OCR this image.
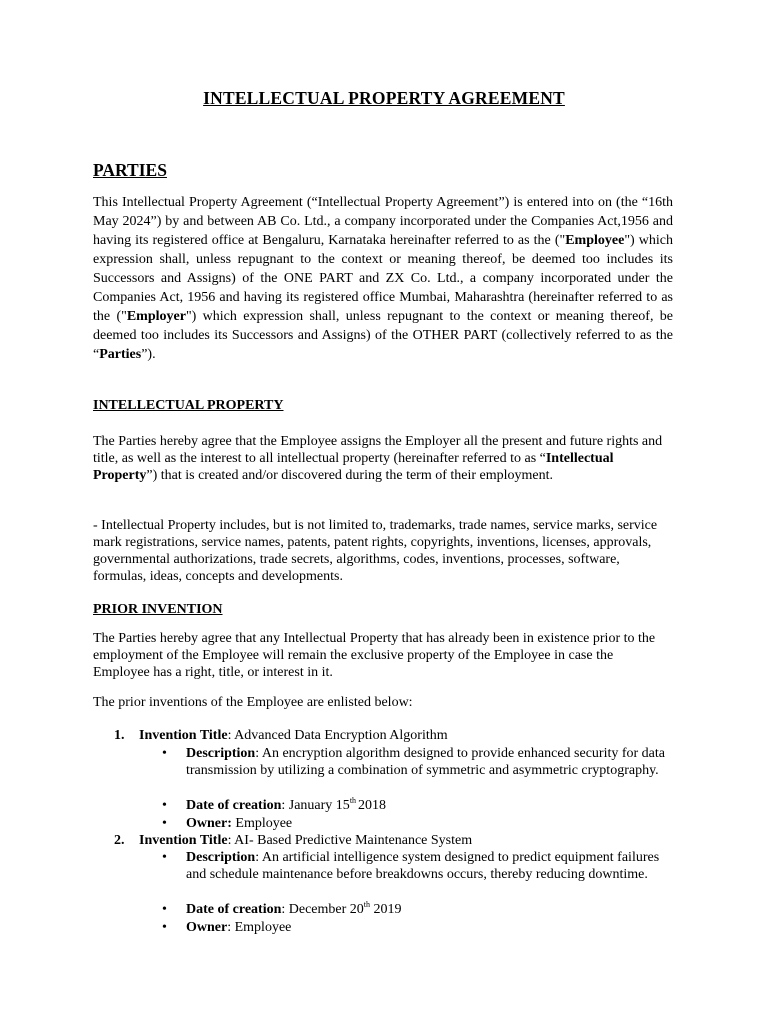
INTELLECTUAL PROPERTY AGREEMENT
PARTIES

This Intellectual Property Agreement (“Intellectual Property Agreement”) is entered into on (the “16th May 2024”) by and between AB Co. Ltd., a company incorporated under the Companies Act,1956 and having its registered office at Bengaluru, Karnataka hereinafter referred to as the ("Employee") which expression shall, unless repugnant to the context or meaning thereof, be deemed too includes its Successors and Assigns) of the ONE PART and ZX Co. Ltd., a company incorporated under the Companies Act, 1956 and having its registered office Mumbai, Maharashtra (hereinafter referred to as the ("Employer") which expression shall, unless repugnant to the context or meaning thereof, be deemed too includes its Successors and Assigns) of the OTHER PART (collectively referred to as the “Parties”).

INTELLECTUAL PROPERTY

The Parties hereby agree that the Employee assigns the Employer all the present and future rights and title, as well as the interest to all intellectual property (hereinafter referred to as “Intellectual Property”) that is created and/or discovered during the term of their employment.

- Intellectual Property includes, but is not limited to, trademarks, trade names, service marks, service mark registrations, service names, patents, patent rights, copyrights, inventions, licenses, approvals, governmental authorizations, trade secrets, algorithms, codes, inventions, processes, software, formulas, ideas, concepts and developments.

PRIOR INVENTION

The Parties hereby agree that any Intellectual Property that has already been in existence prior to the employment of the Employee will remain the exclusive property of the Employee in case the Employee has a right, title, or interest in it.

The prior inventions of the Employee are enlisted below:

1.	Invention Title: Advanced Data Encryption Algorithm
• Description: An encryption algorithm designed to provide enhanced security for data transmission by utilizing a combination of symmetric and asymmetric cryptography.
• Date of creation: January 15th 2018
• Owner: Employee
2.	Invention Title: AI- Based Predictive Maintenance System
• Description: An artificial intelligence system designed to predict equipment failures and schedule maintenance before breakdowns occurs, thereby reducing downtime.
• Date of creation: December 20th 2019
• Owner: Employee
